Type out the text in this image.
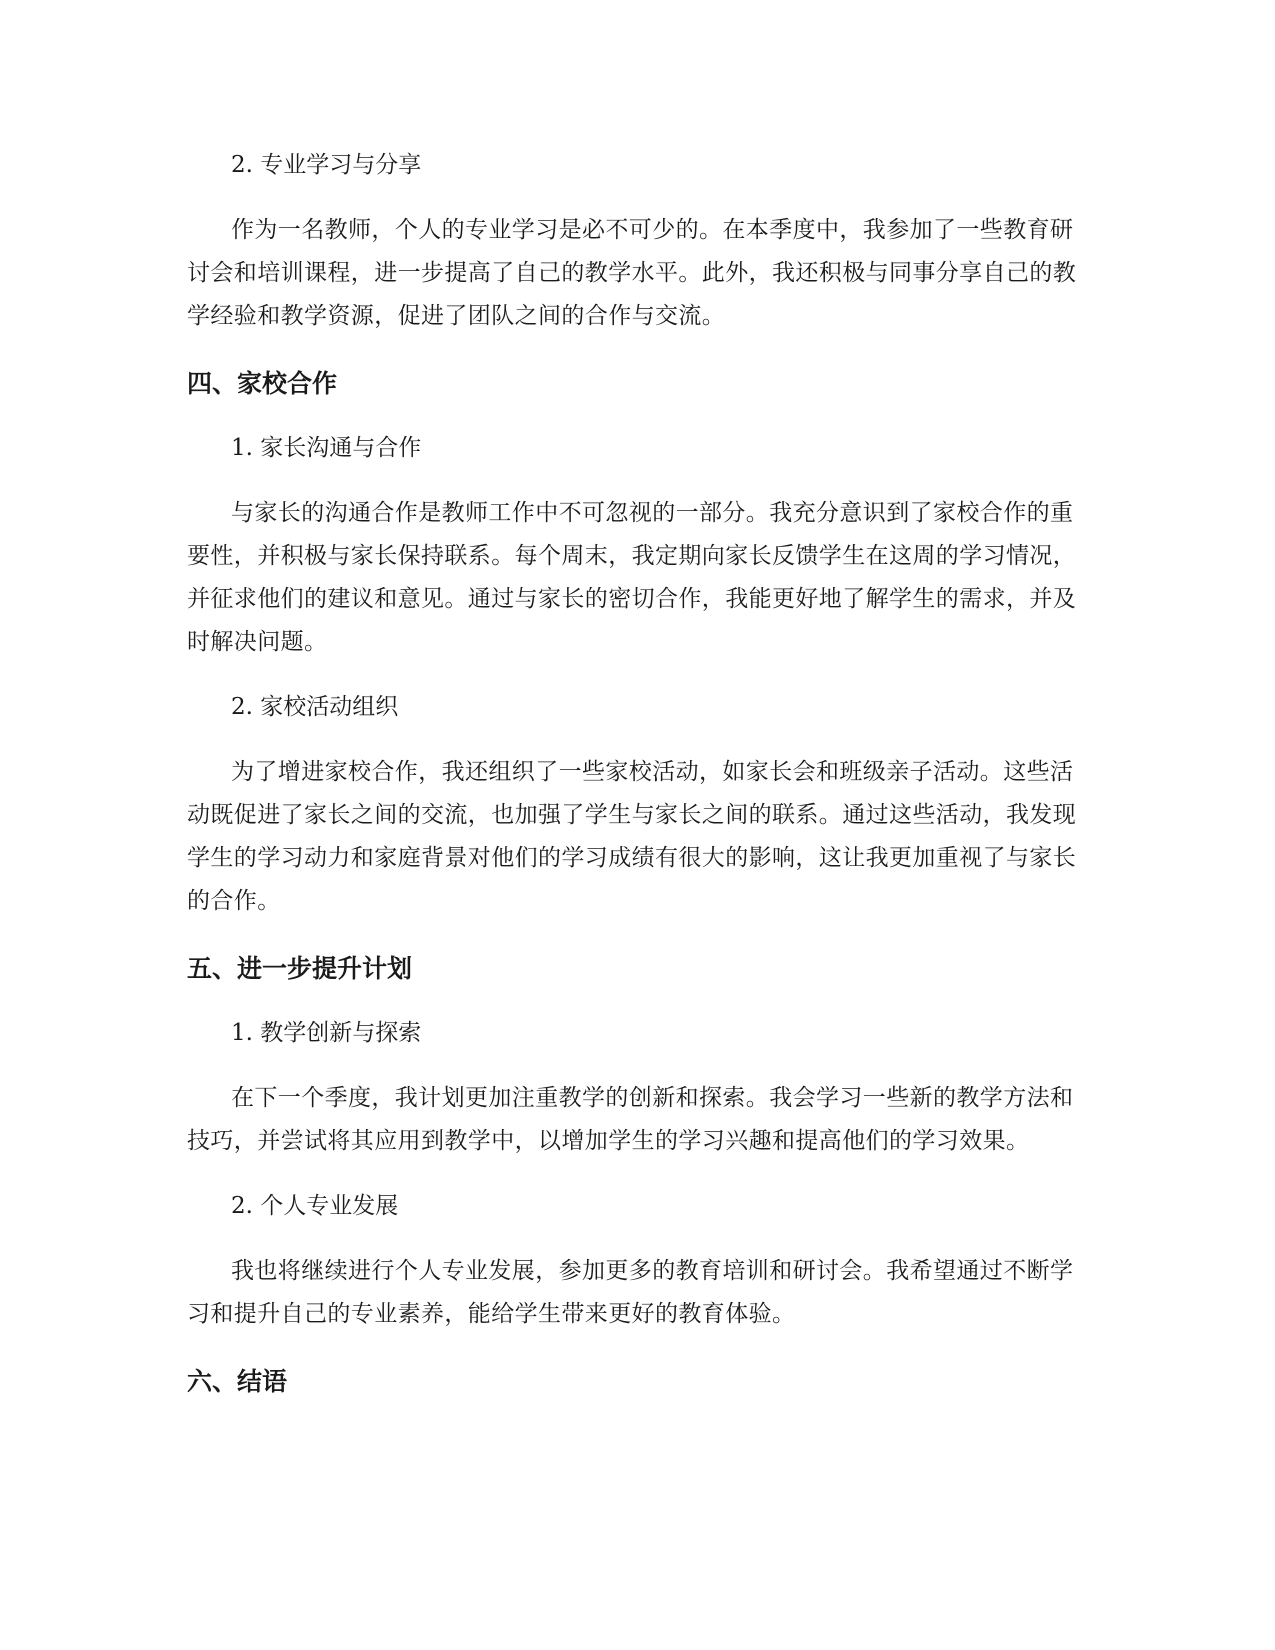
2. 专业学习与分享

作为一名教师，个人的专业学习是必不可少的。在本季度中，我参加了一些教育研讨会和培训课程，进一步提高了自己的教学水平。此外，我还积极与同事分享自己的教学经验和教学资源，促进了团队之间的合作与交流。

四、家校合作

1. 家长沟通与合作

与家长的沟通合作是教师工作中不可忽视的一部分。我充分意识到了家校合作的重要性，并积极与家长保持联系。每个周末，我定期向家长反馈学生在这周的学习情况，并征求他们的建议和意见。通过与家长的密切合作，我能更好地了解学生的需求，并及时解决问题。

2. 家校活动组织

为了增进家校合作，我还组织了一些家校活动，如家长会和班级亲子活动。这些活动既促进了家长之间的交流，也加强了学生与家长之间的联系。通过这些活动，我发现学生的学习动力和家庭背景对他们的学习成绩有很大的影响，这让我更加重视了与家长的合作。

五、进一步提升计划

1. 教学创新与探索

在下一个季度，我计划更加注重教学的创新和探索。我会学习一些新的教学方法和技巧，并尝试将其应用到教学中，以增加学生的学习兴趣和提高他们的学习效果。

2. 个人专业发展

我也将继续进行个人专业发展，参加更多的教育培训和研讨会。我希望通过不断学习和提升自己的专业素养，能给学生带来更好的教育体验。

六、结语
